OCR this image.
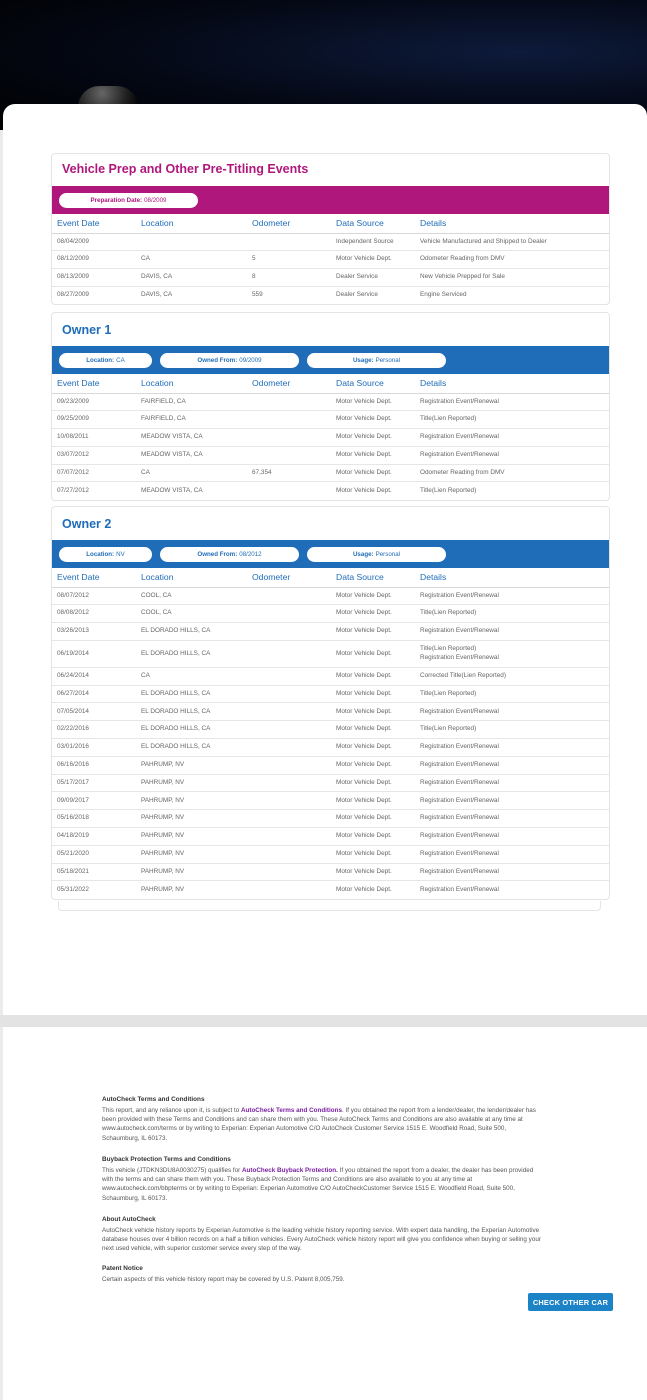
Vehicle Prep and Other Pre-Titling Events
Preparation Date: 08/2009
Event Date	Location	Odometer	Data Source	Details
08/04/2009			Independent Source	Vehicle Manufactured and Shipped to Dealer
08/12/2009	CA	5	Motor Vehicle Dept.	Odometer Reading from DMV
08/13/2009	DAVIS, CA	8	Dealer Service	New Vehicle Prepped for Sale
08/27/2009	DAVIS, CA	559	Dealer Service	Engine Serviced
Owner 1
Location: CA	Owned From: 09/2009	Usage: Personal
Event Date	Location	Odometer	Data Source	Details
09/23/2009	FAIRFIELD, CA		Motor Vehicle Dept.	Registration Event/Renewal
09/25/2009	FAIRFIELD, CA		Motor Vehicle Dept.	Title(Lien Reported)
10/08/2011	MEADOW VISTA, CA		Motor Vehicle Dept.	Registration Event/Renewal
03/07/2012	MEADOW VISTA, CA		Motor Vehicle Dept.	Registration Event/Renewal
07/07/2012	CA	67,354	Motor Vehicle Dept.	Odometer Reading from DMV
07/27/2012	MEADOW VISTA, CA		Motor Vehicle Dept.	Title(Lien Reported)
Owner 2
Location: NV	Owned From: 08/2012	Usage: Personal
Event Date	Location	Odometer	Data Source	Details
08/07/2012	COOL, CA		Motor Vehicle Dept.	Registration Event/Renewal
08/08/2012	COOL, CA		Motor Vehicle Dept.	Title(Lien Reported)
03/26/2013	EL DORADO HILLS, CA		Motor Vehicle Dept.	Registration Event/Renewal
06/19/2014	EL DORADO HILLS, CA		Motor Vehicle Dept.	Title(Lien Reported)
Registration Event/Renewal
06/24/2014	CA		Motor Vehicle Dept.	Corrected Title(Lien Reported)
06/27/2014	EL DORADO HILLS, CA		Motor Vehicle Dept.	Title(Lien Reported)
07/05/2014	EL DORADO HILLS, CA		Motor Vehicle Dept.	Registration Event/Renewal
02/22/2016	EL DORADO HILLS, CA		Motor Vehicle Dept.	Title(Lien Reported)
03/01/2016	EL DORADO HILLS, CA		Motor Vehicle Dept.	Registration Event/Renewal
06/16/2016	PAHRUMP, NV		Motor Vehicle Dept.	Registration Event/Renewal
05/17/2017	PAHRUMP, NV		Motor Vehicle Dept.	Registration Event/Renewal
09/09/2017	PAHRUMP, NV		Motor Vehicle Dept.	Registration Event/Renewal
05/16/2018	PAHRUMP, NV		Motor Vehicle Dept.	Registration Event/Renewal
04/18/2019	PAHRUMP, NV		Motor Vehicle Dept.	Registration Event/Renewal
05/21/2020	PAHRUMP, NV		Motor Vehicle Dept.	Registration Event/Renewal
05/18/2021	PAHRUMP, NV		Motor Vehicle Dept.	Registration Event/Renewal
05/31/2022	PAHRUMP, NV		Motor Vehicle Dept.	Registration Event/Renewal
AutoCheck Terms and Conditions

This report, and any reliance upon it, is subject to AutoCheck Terms and Conditions. If you obtained the report from a lender/dealer, the lender/dealer has been provided with these Terms and Conditions and can share them with you. These AutoCheck Terms and Conditions are also available at any time at www.autocheck.com/terms or by writing to Experian: Experian Automotive C/O AutoCheck Customer Service 1515 E. Woodfield Road, Suite 500, Schaumburg, IL 60173.

Buyback Protection Terms and Conditions

This vehicle (JTDKN3DU8A0030275) qualifies for AutoCheck Buyback Protection. If you obtained the report from a dealer, the dealer has been provided with the terms and can share them with you. These Buyback Protection Terms and Conditions are also available to you at any time at www.autocheck.com/bbpterms or by writing to Experian: Experian Automotive C/O AutoCheckCustomer Service 1515 E. Woodfield Road, Suite 500, Schaumburg, IL 60173.

About AutoCheck

AutoCheck vehicle history reports by Experian Automotive is the leading vehicle history reporting service. With expert data handling, the Experian Automotive database houses over 4 billion records on a half a billion vehicles. Every AutoCheck vehicle history report will give you confidence when buying or selling your next used vehicle, with superior customer service every step of the way.

Patent Notice

Certain aspects of this vehicle history report may be covered by U.S. Patent 8,005,759.

CHECK OTHER CAR
